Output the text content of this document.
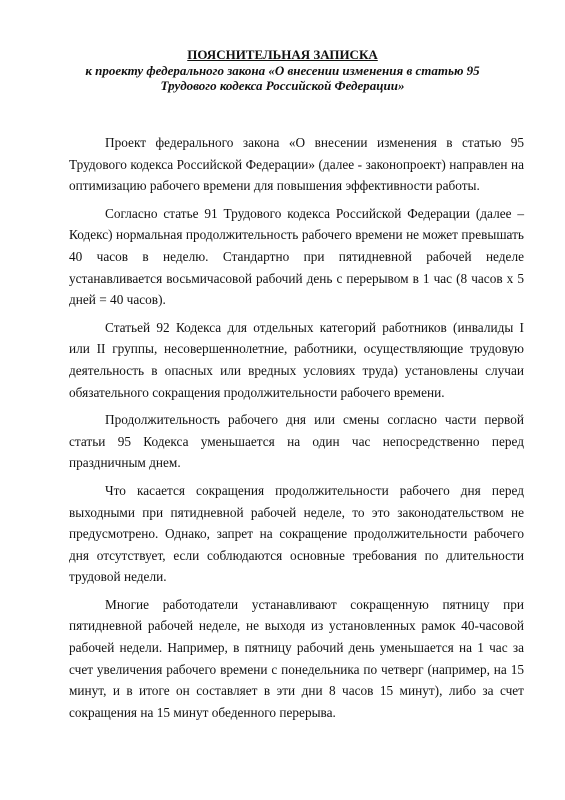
ПОЯСНИТЕЛЬНАЯ ЗАПИСКА
к проекту федерального закона «О внесении изменения в статью 95
Трудового кодекса Российской Федерации»

Проект федерального закона «О внесении изменения в статью 95 Трудового кодекса Российской Федерации» (далее - законопроект) направлен на оптимизацию рабочего времени для повышения эффективности работы.

Согласно статье 91 Трудового кодекса Российской Федерации (далее – Кодекс) нормальная продолжительность рабочего времени не может превышать 40 часов в неделю. Стандартно при пятидневной рабочей неделе устанавливается восьмичасовой рабочий день с перерывом в 1 час (8 часов х 5 дней = 40 часов).

Статьей 92 Кодекса для отдельных категорий работников (инвалиды I или II группы, несовершеннолетние, работники, осуществляющие трудовую деятельность в опасных или вредных условиях труда) установлены случаи обязательного сокращения продолжительности рабочего времени.

Продолжительность рабочего дня или смены согласно части первой статьи 95 Кодекса уменьшается на один час непосредственно перед праздничным днем.

Что касается сокращения продолжительности рабочего дня перед выходными при пятидневной рабочей неделе, то это законодательством не предусмотрено. Однако, запрет на сокращение продолжительности рабочего дня отсутствует, если соблюдаются основные требования по длительности трудовой недели.

Многие работодатели устанавливают сокращенную пятницу при пятидневной рабочей неделе, не выходя из установленных рамок 40-часовой рабочей недели. Например, в пятницу рабочий день уменьшается на 1 час за счет увеличения рабочего времени с понедельника по четверг (например, на 15 минут, и в итоге он составляет в эти дни 8 часов 15 минут), либо за счет сокращения на 15 минут обеденного перерыва.
